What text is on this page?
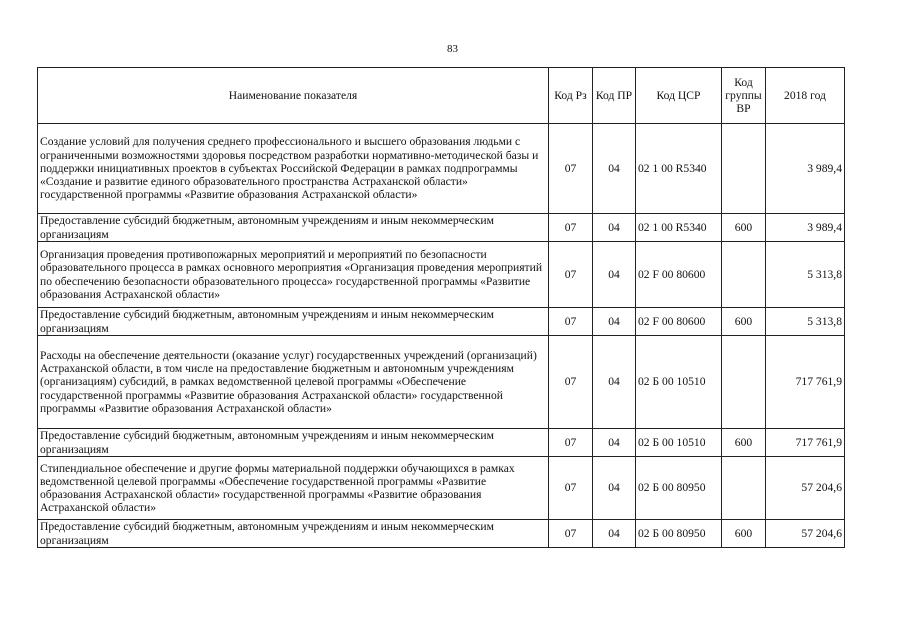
83
Наименование показателя	Код Рз	Код ПР	Код ЦСР	Код группы ВР	2018 год
Создание условий для получения среднего профессионального и высшего образования людьми с ограниченными возможностями здоровья посредством разработки нормативно-методической базы и поддержки инициативных проектов в субъектах Российской Федерации в рамках подпрограммы «Создание и развитие единого образовательного пространства Астраханской области» государственной программы «Развитие образования Астраханской области»	07	04	02 1 00 R5340		3 989,4
Предоставление субсидий бюджетным, автономным учреждениям и иным некоммерческим организациям	07	04	02 1 00 R5340	600	3 989,4
Организация проведения противопожарных мероприятий и мероприятий по безопасности образовательного процесса в рамках основного мероприятия «Организация проведения мероприятий по обеспечению безопасности образовательного процесса» государственной программы «Развитие образования Астраханской области»	07	04	02 F 00 80600		5 313,8
Предоставление субсидий бюджетным, автономным учреждениям и иным некоммерческим организациям	07	04	02 F 00 80600	600	5 313,8
Расходы на обеспечение деятельности (оказание услуг) государственных учреждений (организаций) Астраханской области, в том числе на предоставление бюджетным и автономным учреждениям (организациям) субсидий, в рамках ведомственной целевой программы «Обеспечение государственной программы «Развитие образования Астраханской области» государственной программы «Развитие образования Астраханской области»	07	04	02 Б 00 10510		717 761,9
Предоставление субсидий бюджетным, автономным учреждениям и иным некоммерческим организациям	07	04	02 Б 00 10510	600	717 761,9
Стипендиальное обеспечение и другие формы материальной поддержки обучающихся в рамках ведомственной целевой программы «Обеспечение государственной программы «Развитие образования Астраханской области» государственной программы «Развитие образования Астраханской области»	07	04	02 Б 00 80950		57 204,6
Предоставление субсидий бюджетным, автономным учреждениям и иным некоммерческим организациям	07	04	02 Б 00 80950	600	57 204,6
